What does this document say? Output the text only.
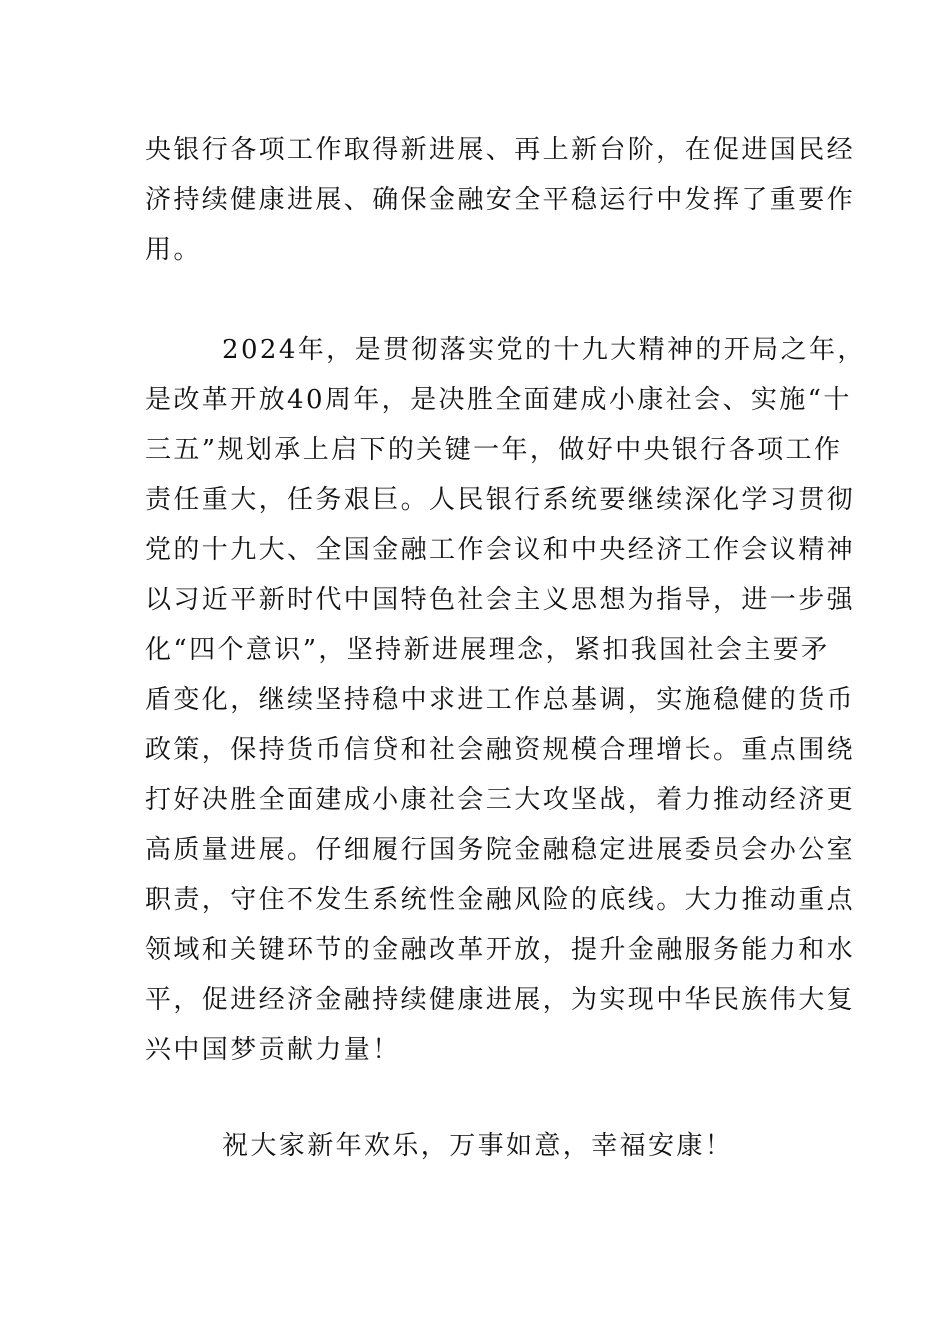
央银行各项工作取得新进展、再上新台阶，在促进国民经
济持续健康进展、确保金融安全平稳运行中发挥了重要作
用。
2024年，是贯彻落实党的十九大精神的开局之年，
是改革开放40周年，是决胜全面建成小康社会、实施“十
三五”规划承上启下的关键一年，做好中央银行各项工作
责任重大，任务艰巨。人民银行系统要继续深化学习贯彻
党的十九大、全国金融工作会议和中央经济工作会议精神
以习近平新时代中国特色社会主义思想为指导，进一步强
化“四个意识”，坚持新进展理念，紧扣我国社会主要矛
盾变化，继续坚持稳中求进工作总基调，实施稳健的货币
政策，保持货币信贷和社会融资规模合理增长。重点围绕
打好决胜全面建成小康社会三大攻坚战，着力推动经济更
高质量进展。仔细履行国务院金融稳定进展委员会办公室
职责，守住不发生系统性金融风险的底线。大力推动重点
领域和关键环节的金融改革开放，提升金融服务能力和水
平，促进经济金融持续健康进展，为实现中华民族伟大复
兴中国梦贡献力量！
祝大家新年欢乐，万事如意，幸福安康！
